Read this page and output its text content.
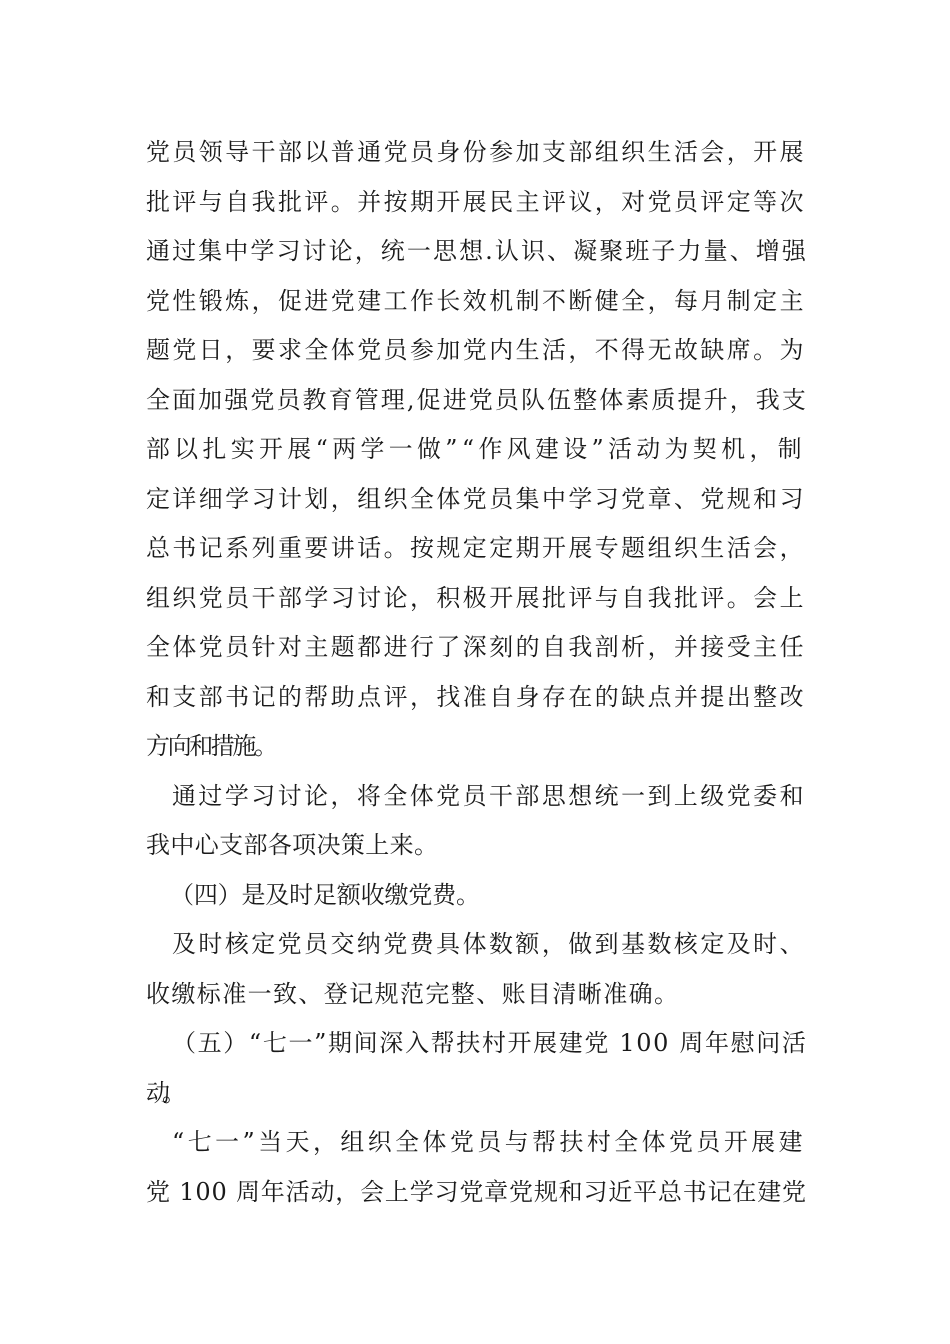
党员领导干部以普通党员身份参加支部组织生活会，开展
批评与自我批评。并按期开展民主评议，对党员评定等次
通过集中学习讨论，统一思想.认识、凝聚班子力量、增强
党性锻炼，促进党建工作长效机制不断健全，每月制定主
题党日，要求全体党员参加党内生活，不得无故缺席。为
全面加强党员教育管理,促进党员队伍整体素质提升，我支
部以扎实开展“两学一做”“作风建设”活动为契机，制
定详细学习计划，组织全体党员集中学习党章、党规和习
总书记系列重要讲话。按规定定期开展专题组织生活会，
组织党员干部学习讨论，积极开展批评与自我批评。会上
全体党员针对主题都进行了深刻的自我剖析，并接受主任
和支部书记的帮助点评，找准自身存在的缺点并提出整改
方向和措施。
通过学习讨论，将全体党员干部思想统一到上级党委和
我中心支部各项决策上来。
（四）是及时足额收缴党费。
及时核定党员交纳党费具体数额，做到基数核定及时、
收缴标准一致、登记规范完整、账目清晰准确。
（五）“七一”期间深入帮扶村开展建党 100 周年慰问活
动。
“七一”当天，组织全体党员与帮扶村全体党员开展建
党 100 周年活动，会上学习党章党规和习近平总书记在建党
